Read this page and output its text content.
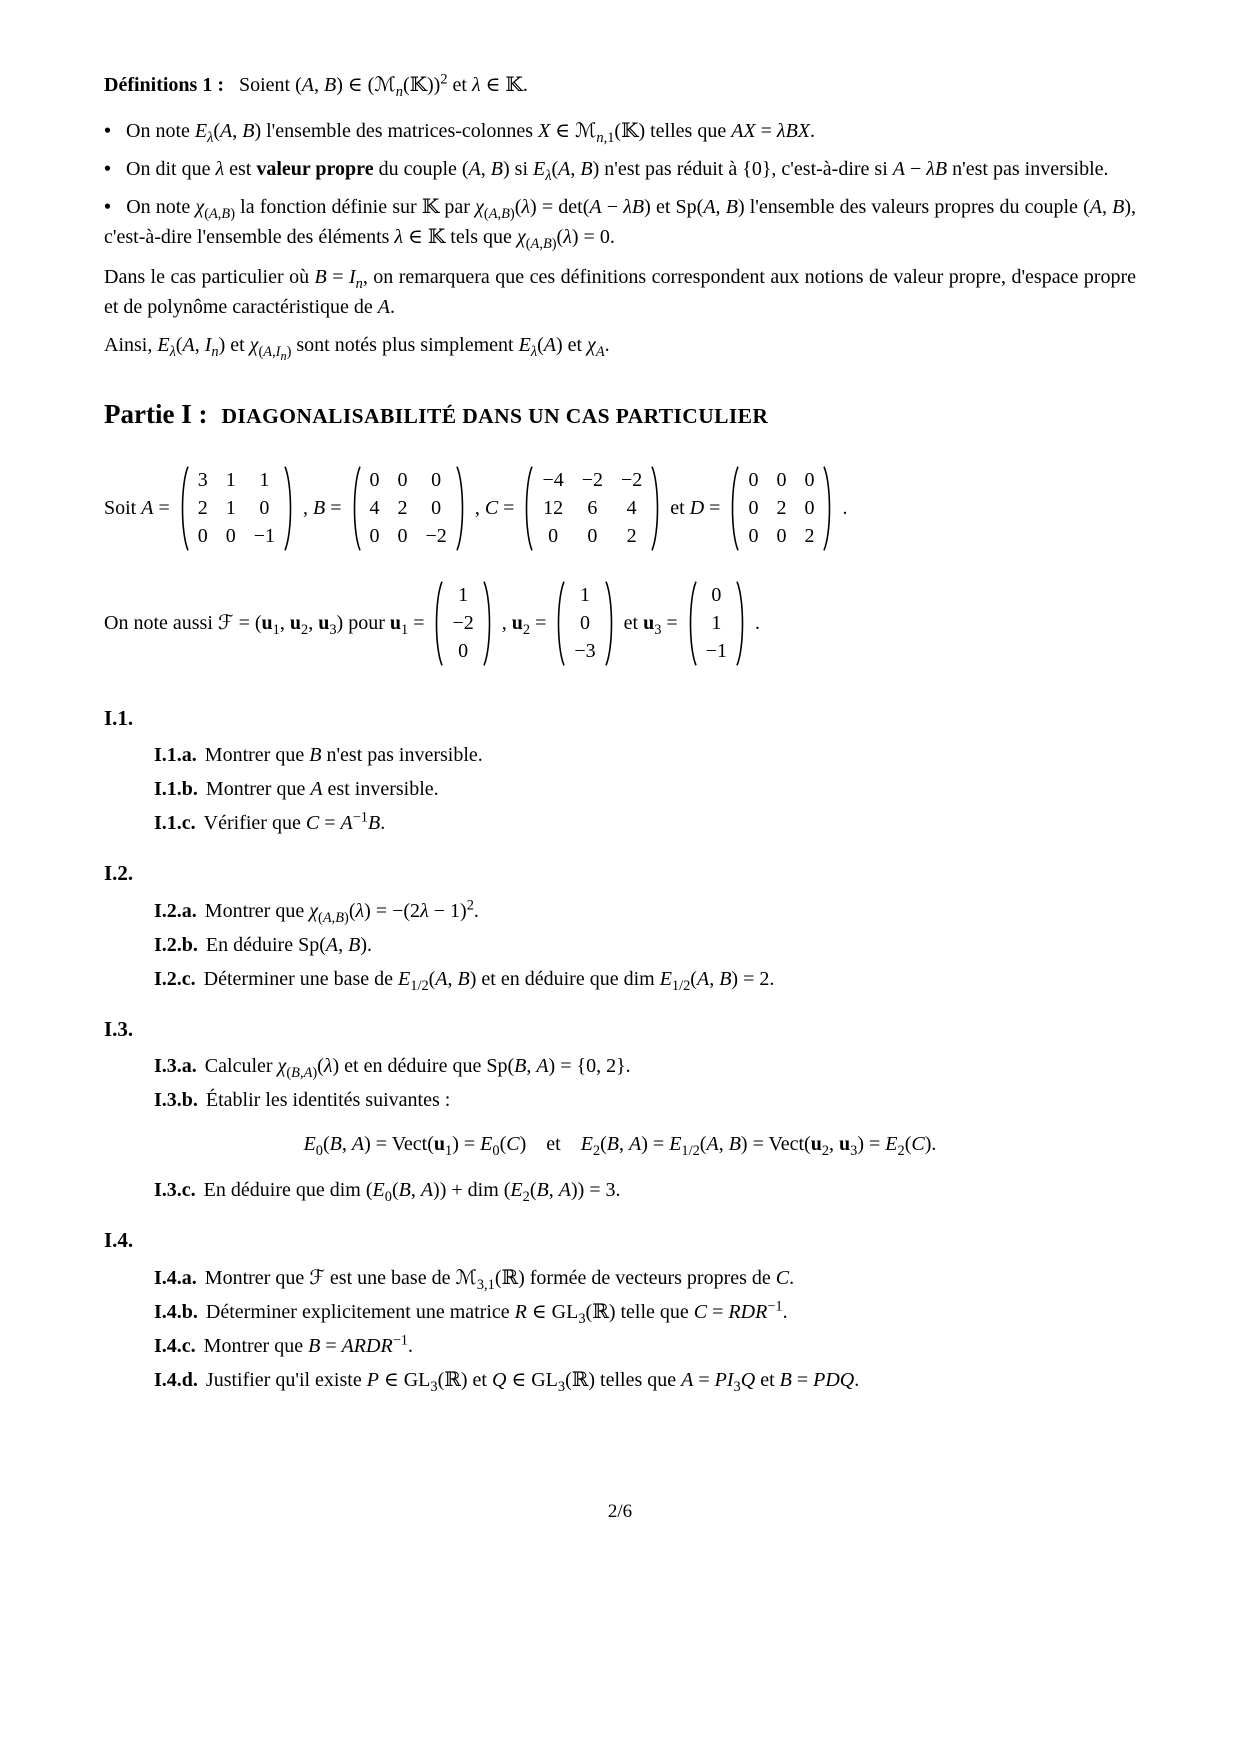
Définitions 1 : Soient (A, B) ∈ (ℳ$_n$(𝕂))$^2$ et λ ∈ 𝕂.

• On note $E_\lambda(A$, B) l'ensemble des matrices-colonnes X ∈ ℳ$_{n,1}$(𝕂) telles que AX = λBX.

• On dit que λ est valeur propre du couple (A, B) si $E_\lambda(A$, B) n'est pas réduit à {0}, c'est-à-dire si A − λB n'est pas inversible.

• On note $\chi_{(A,B)}$ la fonction définie sur 𝕂 par $\chi_{(A,B)}(\lambda) = \det(A - \lambda B)$ et Sp(A, B) l'ensemble des valeurs propres du couple (A, B), c'est-à-dire l'ensemble des éléments λ ∈ 𝕂 tels que $\chi_{(A,B)}(\lambda) = 0$.

Dans le cas particulier où $B = I_n$, on remarquera que ces définitions correspondent aux notions de valeur propre, d'espace propre et de polynôme caractéristique de A.

Ainsi, $E_\lambda(A$, $I_n$) et $\chi_{(A,I_n)}$ sont notés plus simplement $E_\lambda(A)$ et $\chi_A$.

Partie I : DIAGONALISABILITÉ DANS UN CAS PARTICULIER
Soit A =
3 1 1
2 1 0
0 0 −1
, B =
0 0 0
4 2 0
0 0 −2
, C =
−4 −2 −2
12 6 4
0 0 2
et D =
0 0 0
0 2 0
0 0 2
.
On note aussi ℱ = ($u_1$, $u_2$, $u_3$) pour $u_1$ =
1
−2
0
, $u_2$ =
1
0
−3
et $u_3$ =
0
1
−1
.

I.1.

I.1.a. Montrer que B n'est pas inversible.

I.1.b. Montrer que A est inversible.

I.1.c. Vérifier que $C = A^{-1}B$.

I.2.

I.2.a. Montrer que $\chi_{(A,B)}(\lambda) = -(2\lambda - 1)^2$.

I.2.b. En déduire Sp(A, B).

I.2.c. Déterminer une base de $E_{1/2}(A$, B) et en déduire que dim $E_{1/2}(A$, B) = 2.

I.3.

I.3.a. Calculer $\chi_{(B,A)}(\lambda)$ et en déduire que Sp(B, A) = {0, 2}.

I.3.b. Établir les identités suivantes :

$E_0(B$, $A) = Vect(u_1) = E_0(C)$    et    $E_2(B$, $A) = E_{1/2}(A$, $B) = Vect(u_2$, $u_3) = E_2(C)$.

I.3.c. En déduire que dim ($E_0(B$, A)) + dim ($E_2(B$, A)) = 3.

I.4.

I.4.a. Montrer que ℱ est une base de ℳ$_{3,1}$(ℝ) formée de vecteurs propres de C.

I.4.b. Déterminer explicitement une matrice R ∈ $GL_3(ℝ)$ telle que $C = RDR^{-1}$.

I.4.c. Montrer que $B = ARDR^{-1}$.

I.4.d. Justifier qu'il existe P ∈ $GL_3(ℝ)$ et Q ∈ $GL_3(ℝ)$ telles que $A = PI_3Q$ et B = PDQ.

2/6
